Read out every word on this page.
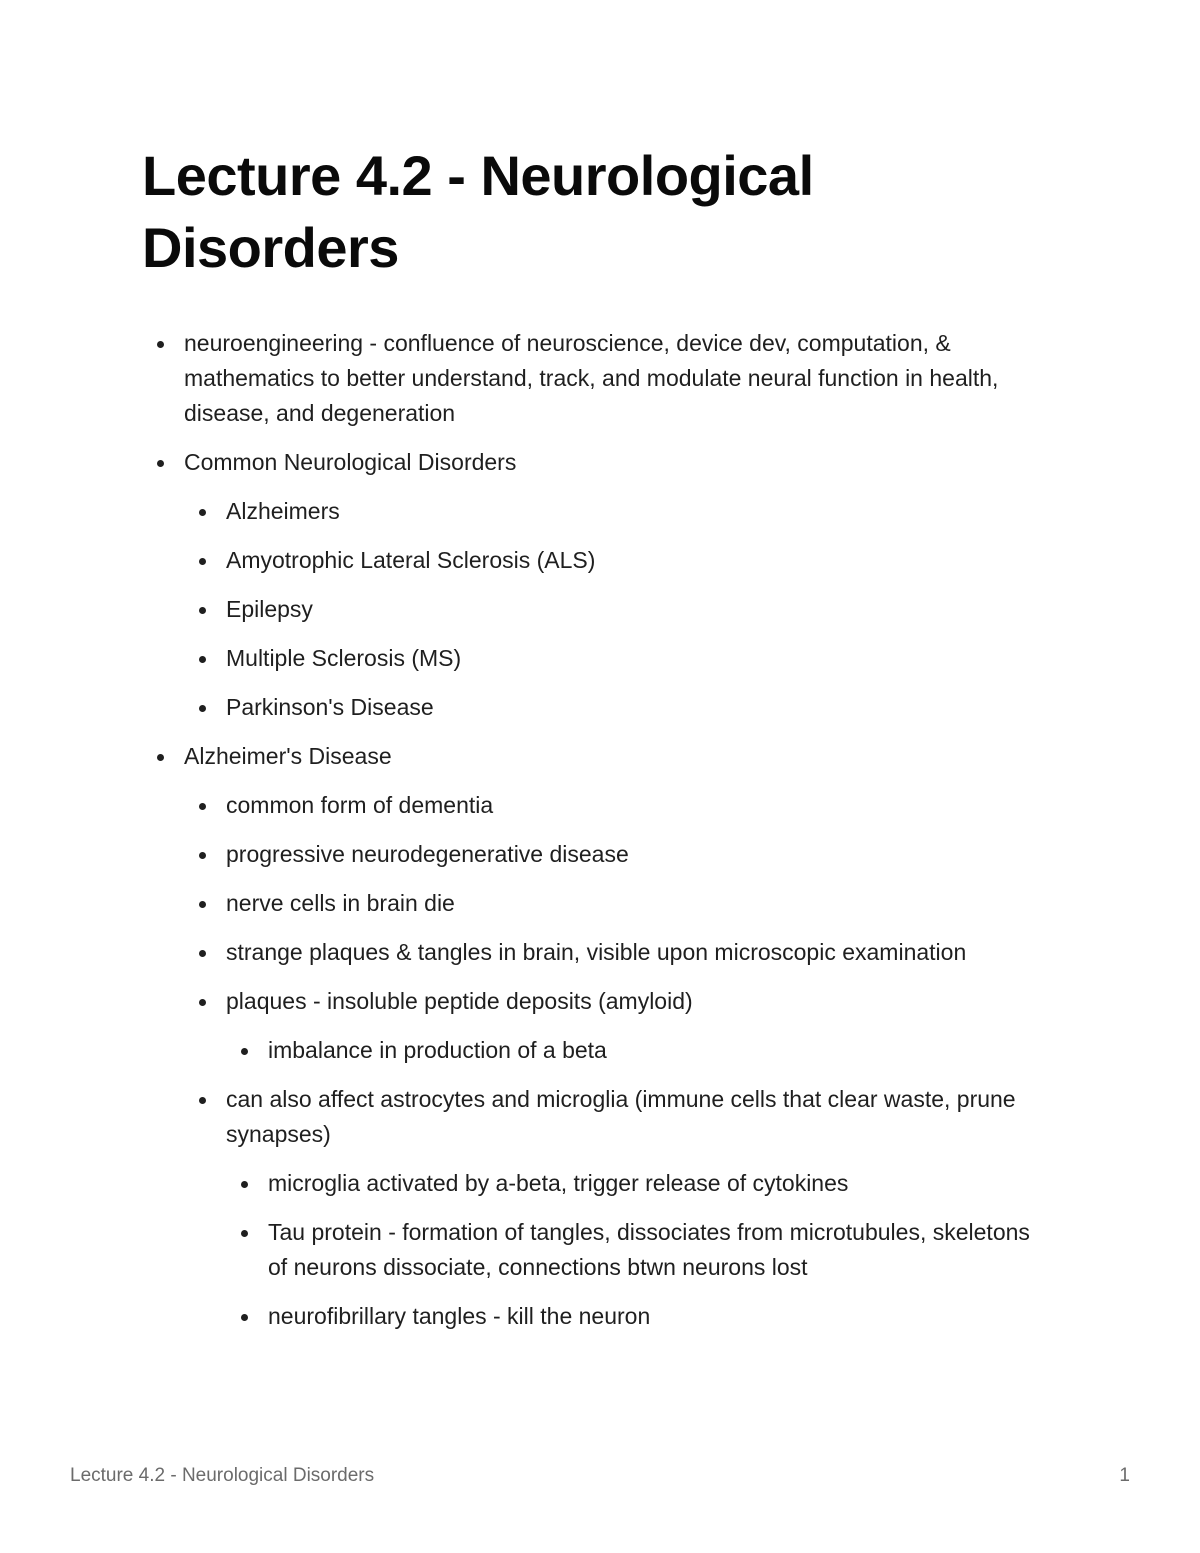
Lecture 4.2 - Neurological Disorders
neuroengineering - confluence of neuroscience, device dev, computation, & mathematics to better understand, track, and modulate neural function in health, disease, and degeneration
Common Neurological Disorders
Alzheimers
Amyotrophic Lateral Sclerosis (ALS)
Epilepsy
Multiple Sclerosis (MS)
Parkinson's Disease
Alzheimer's Disease
common form of dementia
progressive neurodegenerative disease
nerve cells in brain die
strange plaques & tangles in brain, visible upon microscopic examination
plaques - insoluble peptide deposits (amyloid)
imbalance in production of a beta
can also affect astrocytes and microglia (immune cells that clear waste, prune synapses)
microglia activated by a-beta, trigger release of cytokines
Tau protein - formation of tangles, dissociates from microtubules, skeletons of neurons dissociate, connections btwn neurons lost
neurofibrillary tangles - kill the neuron
Lecture 4.2 - Neurological Disorders	1
